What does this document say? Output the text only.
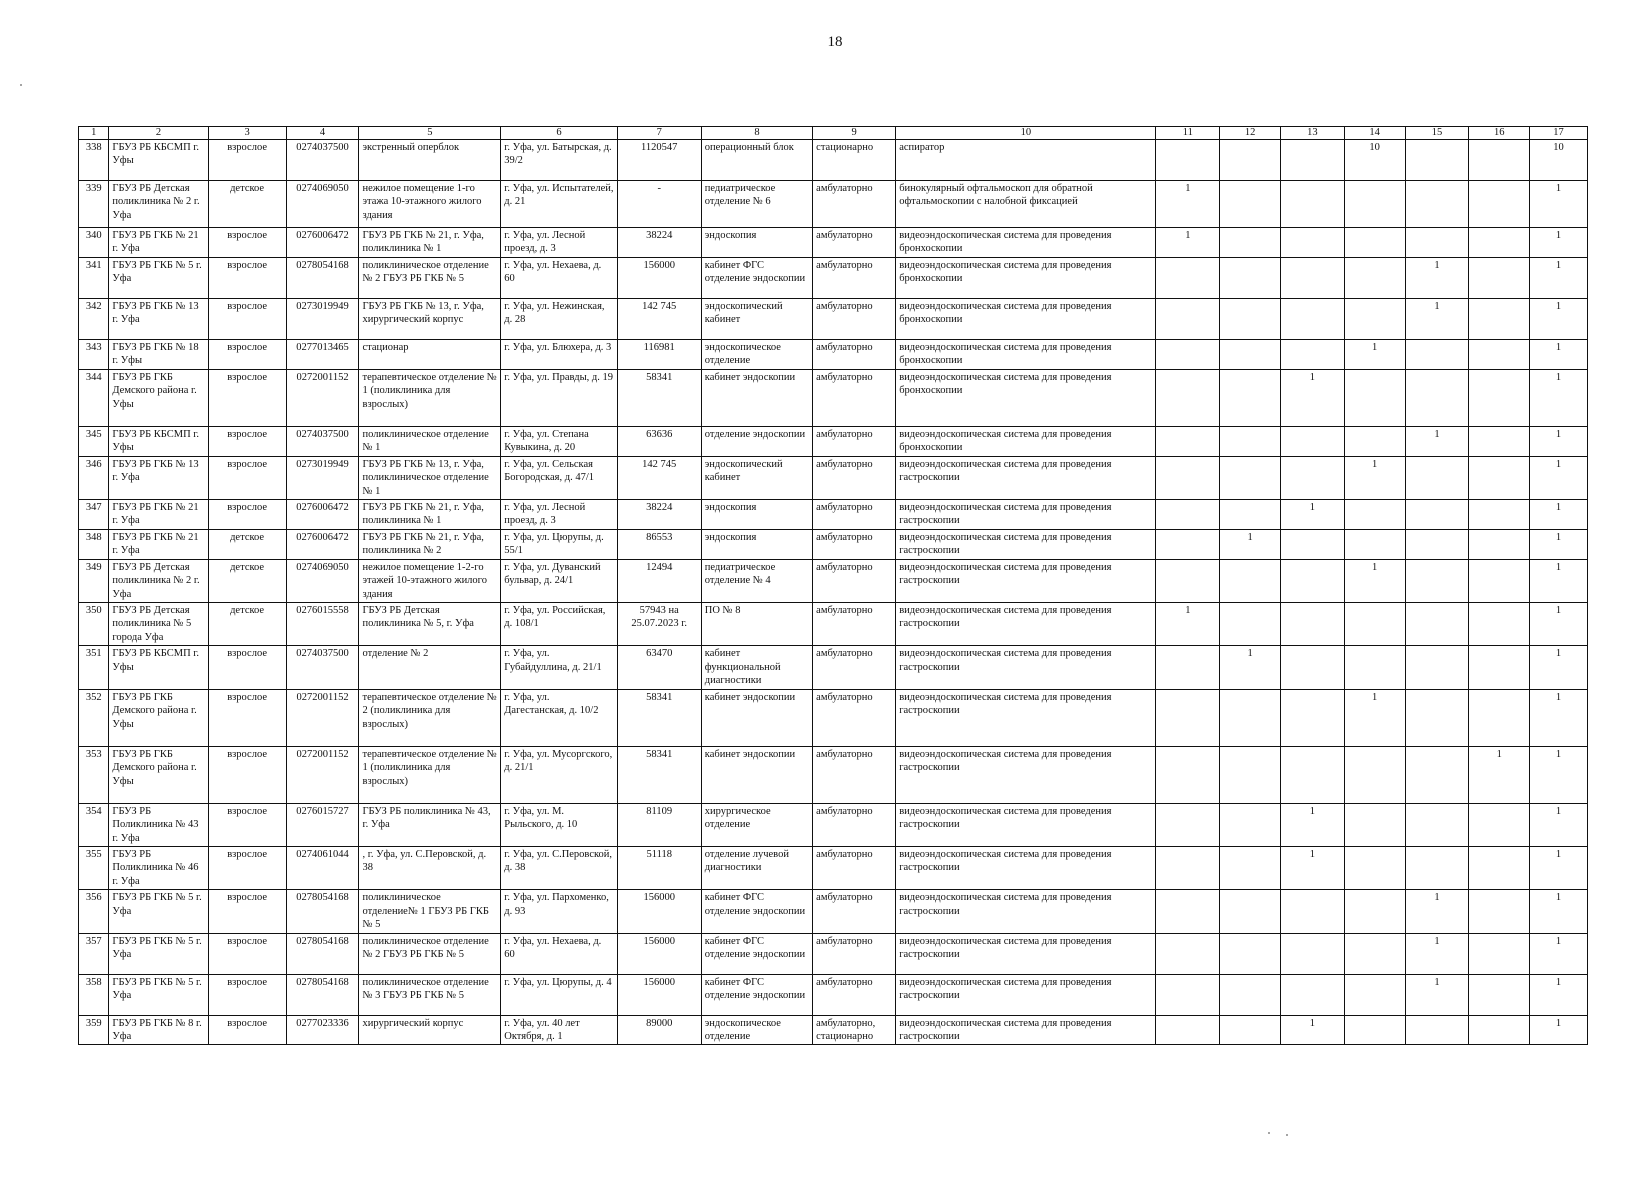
18
1	2	3	4	5	6	7	8	9	10	11	12	13	14	15	16	17
338	ГБУЗ РБ КБСМП г. Уфы	взрослое	0274037500	экстренный оперблок	г. Уфа, ул. Батырская, д. 39/2	1120547	операционный блок	стационарно	аспиратор				10			10
339	ГБУЗ РБ Детская поликлиника № 2 г. Уфа	детское	0274069050	нежилое помещение 1-го этажа 10-этажного жилого здания	г. Уфа, ул. Испытателей, д. 21	-	педиатрическое отделение № 6	амбулаторно	бинокулярный офтальмоскоп для обратной офтальмоскопии с налобной фиксацией	1						1
340	ГБУЗ РБ ГКБ № 21 г. Уфа	взрослое	0276006472	ГБУЗ РБ ГКБ № 21, г. Уфа, поликлиника № 1	г. Уфа, ул. Лесной проезд, д. 3	38224	эндоскопия	амбулаторно	видеоэндоскопическая система для проведения бронхоскопии	1						1
341	ГБУЗ РБ ГКБ № 5 г. Уфа	взрослое	0278054168	поликлиническое отделение № 2 ГБУЗ РБ ГКБ № 5	г. Уфа, ул. Нехаева, д. 60	156000	кабинет ФГС отделение эндоскопии	амбулаторно	видеоэндоскопическая система для проведения бронхоскопии					1		1
342	ГБУЗ РБ ГКБ № 13 г. Уфа	взрослое	0273019949	ГБУЗ РБ ГКБ № 13, г. Уфа, хирургический корпус	г. Уфа, ул. Нежинская, д. 28	142 745	эндоскопический кабинет	амбулаторно	видеоэндоскопическая система для проведения бронхоскопии					1		1
343	ГБУЗ РБ ГКБ № 18 г. Уфы	взрослое	0277013465	стационар	г. Уфа, ул. Блюхера, д. 3	116981	эндоскопическое отделение	амбулаторно	видеоэндоскопическая система для проведения бронхоскопии				1			1
344	ГБУЗ РБ ГКБ Демского района г. Уфы	взрослое	0272001152	терапевтическое отделение № 1 (поликлиника для взрослых)	г. Уфа, ул. Правды, д. 19	58341	кабинет эндоскопии	амбулаторно	видеоэндоскопическая система для проведения бронхоскопии			1				1
345	ГБУЗ РБ КБСМП г. Уфы	взрослое	0274037500	поликлиническое отделение № 1	г. Уфа, ул. Степана Кувыкина, д. 20	63636	отделение эндоскопии	амбулаторно	видеоэндоскопическая система для проведения бронхоскопии					1		1
346	ГБУЗ РБ ГКБ № 13 г. Уфа	взрослое	0273019949	ГБУЗ РБ ГКБ № 13, г. Уфа, поликлиническое отделение № 1	г. Уфа, ул. Сельская Богородская, д. 47/1	142 745	эндоскопический кабинет	амбулаторно	видеоэндоскопическая система для проведения гастроскопии				1			1
347	ГБУЗ РБ ГКБ № 21 г. Уфа	взрослое	0276006472	ГБУЗ РБ ГКБ № 21, г. Уфа, поликлиника № 1	г. Уфа, ул. Лесной проезд, д. 3	38224	эндоскопия	амбулаторно	видеоэндоскопическая система для проведения гастроскопии			1				1
348	ГБУЗ РБ ГКБ № 21 г. Уфа	детское	0276006472	ГБУЗ РБ ГКБ № 21, г. Уфа, поликлиника № 2	г. Уфа, ул. Цюрупы, д. 55/1	86553	эндоскопия	амбулаторно	видеоэндоскопическая система для проведения гастроскопии		1					1
349	ГБУЗ РБ Детская поликлиника № 2 г. Уфа	детское	0274069050	нежилое помещение 1-2-го этажей 10-этажного жилого здания	г. Уфа, ул. Дуванский бульвар, д. 24/1	12494	педиатрическое отделение № 4	амбулаторно	видеоэндоскопическая система для проведения гастроскопии				1			1
350	ГБУЗ РБ Детская поликлиника № 5 города Уфа	детское	0276015558	ГБУЗ РБ Детская поликлиника № 5, г. Уфа	г. Уфа, ул. Российская, д. 108/1	57943 на 25.07.2023 г.	ПО № 8	амбулаторно	видеоэндоскопическая система для проведения гастроскопии	1						1
351	ГБУЗ РБ КБСМП г. Уфы	взрослое	0274037500	отделение № 2	г. Уфа, ул. Губайдуллина, д. 21/1	63470	кабинет функциональной диагностики	амбулаторно	видеоэндоскопическая система для проведения гастроскопии		1					1
352	ГБУЗ РБ ГКБ Демского района г. Уфы	взрослое	0272001152	терапевтическое отделение № 2 (поликлиника для взрослых)	г. Уфа, ул. Дагестанская, д. 10/2	58341	кабинет эндоскопии	амбулаторно	видеоэндоскопическая система для проведения гастроскопии				1			1
353	ГБУЗ РБ ГКБ Демского района г. Уфы	взрослое	0272001152	терапевтическое отделение № 1 (поликлиника для взрослых)	г. Уфа, ул. Мусоргского, д. 21/1	58341	кабинет эндоскопии	амбулаторно	видеоэндоскопическая система для проведения гастроскопии						1	1
354	ГБУЗ РБ Поликлиника № 43 г. Уфа	взрослое	0276015727	ГБУЗ РБ поликлиника № 43, г. Уфа	г. Уфа, ул. М. Рыльского, д. 10	81109	хирургическое отделение	амбулаторно	видеоэндоскопическая система для проведения гастроскопии			1				1
355	ГБУЗ РБ Поликлиника № 46 г. Уфа	взрослое	0274061044	, г. Уфа, ул. С.Перовской, д. 38	г. Уфа, ул. С.Перовской, д. 38	51118	отделение лучевой диагностики	амбулаторно	видеоэндоскопическая система для проведения гастроскопии			1				1
356	ГБУЗ РБ ГКБ № 5 г. Уфа	взрослое	0278054168	поликлиническое отделение№ 1 ГБУЗ РБ ГКБ № 5	г. Уфа, ул. Пархоменко, д. 93	156000	кабинет ФГС отделение эндоскопии	амбулаторно	видеоэндоскопическая система для проведения гастроскопии					1		1
357	ГБУЗ РБ ГКБ № 5 г. Уфа	взрослое	0278054168	поликлиническое отделение № 2 ГБУЗ РБ ГКБ № 5	г. Уфа, ул. Нехаева, д. 60	156000	кабинет ФГС отделение эндоскопии	амбулаторно	видеоэндоскопическая система для проведения гастроскопии					1		1
358	ГБУЗ РБ ГКБ № 5 г. Уфа	взрослое	0278054168	поликлиническое отделение № 3 ГБУЗ РБ ГКБ № 5	г. Уфа, ул. Цюрупы, д. 4	156000	кабинет ФГС отделение эндоскопии	амбулаторно	видеоэндоскопическая система для проведения гастроскопии					1		1
359	ГБУЗ РБ ГКБ № 8 г. Уфа	взрослое	0277023336	хирургический корпус	г. Уфа, ул. 40 лет Октября, д. 1	89000	эндоскопическое отделение	амбулаторно, стационарно	видеоэндоскопическая система для проведения гастроскопии			1				1
